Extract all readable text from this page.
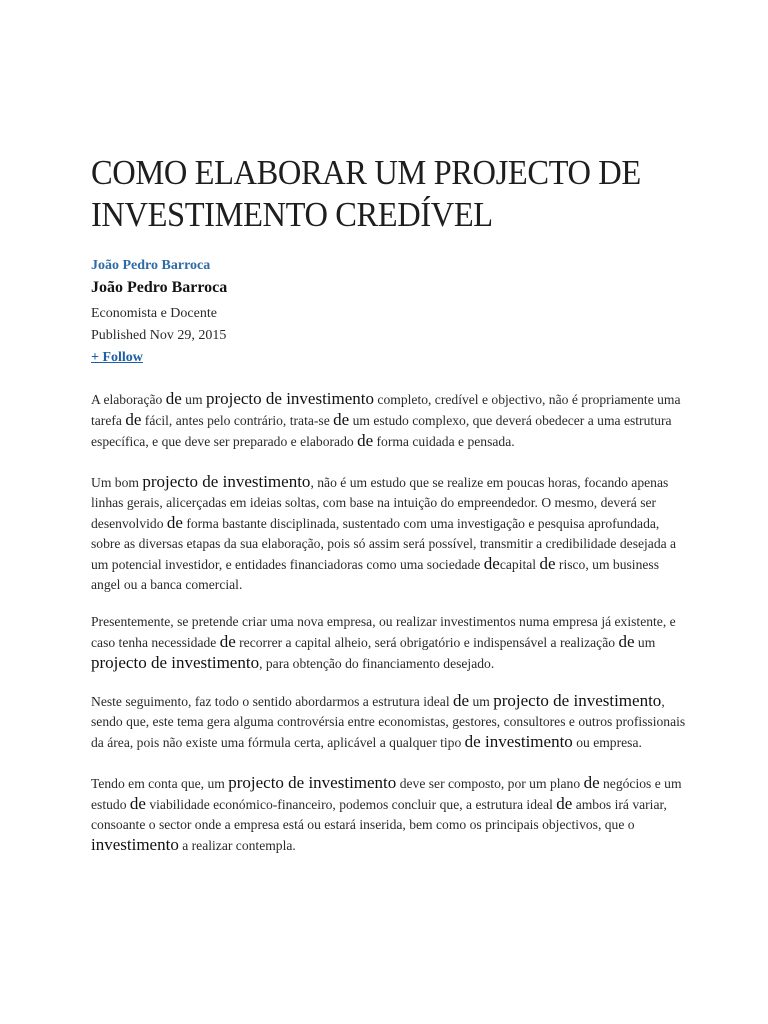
COMO ELABORAR UM PROJECTO DE INVESTIMENTO CREDÍVEL
João Pedro Barroca
João Pedro Barroca
Economista e Docente
Published Nov 29, 2015
+ Follow

A elaboração de um projecto de investimento completo, credível e objectivo, não é propriamente uma tarefa de fácil, antes pelo contrário, trata-se de um estudo complexo, que deverá obedecer a uma estrutura específica, e que deve ser preparado e elaborado de forma cuidada e pensada.

Um bom projecto de investimento, não é um estudo que se realize em poucas horas, focando apenas linhas gerais, alicerçadas em ideias soltas, com base na intuição do empreendedor. O mesmo, deverá ser desenvolvido de forma bastante disciplinada, sustentado com uma investigação e pesquisa aprofundada, sobre as diversas etapas da sua elaboração, pois só assim será possível, transmitir a credibilidade desejada a um potencial investidor, e entidades financiadoras como uma sociedade decapital de risco, um business angel ou a banca comercial.

Presentemente, se pretende criar uma nova empresa, ou realizar investimentos numa empresa já existente, e caso tenha necessidade de recorrer a capital alheio, será obrigatório e indispensável a realização de um projecto de investimento, para obtenção do financiamento desejado.

Neste seguimento, faz todo o sentido abordarmos a estrutura ideal de um projecto de investimento, sendo que, este tema gera alguma controvérsia entre economistas, gestores, consultores e outros profissionais da área, pois não existe uma fórmula certa, aplicável a qualquer tipo de investimento ou empresa.

Tendo em conta que, um projecto de investimento deve ser composto, por um plano de negócios e um estudo de viabilidade económico-financeiro, podemos concluir que, a estrutura ideal de ambos irá variar, consoante o sector onde a empresa está ou estará inserida, bem como os principais objectivos, que o investimento a realizar contempla.
